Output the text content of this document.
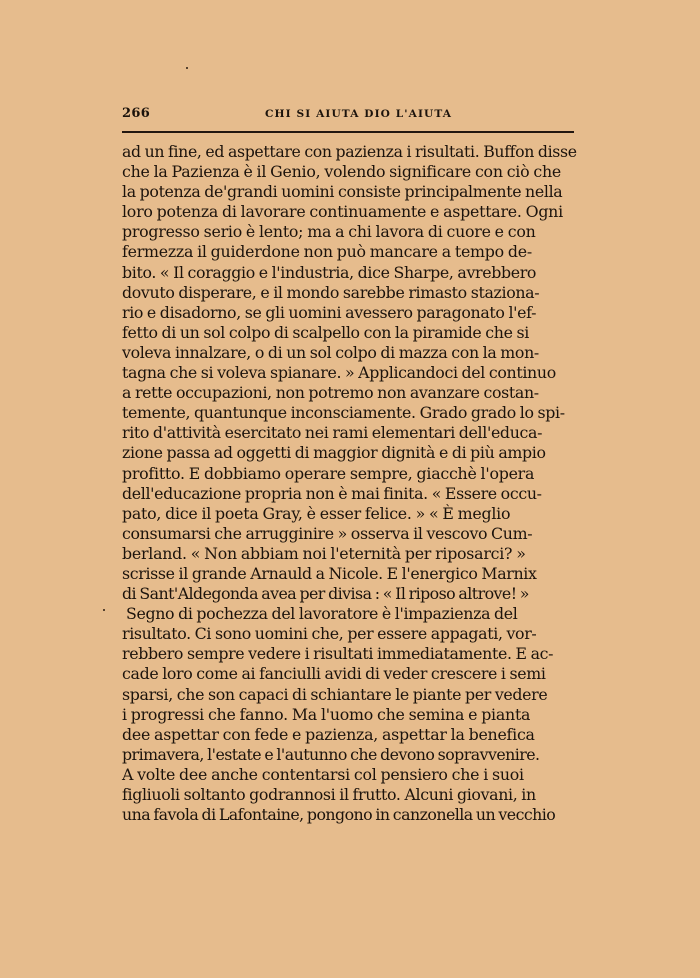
266	CHI SI AIUTA DIO L'AIUTA
ad un fine, ed aspettare con pazienza i risultati. Buffon disse
che la Pazienza è il Genio, volendo significare con ciò che
la potenza de'grandi uomini consiste principalmente nella
loro potenza di lavorare continuamente e aspettare. Ogni
progresso serio è lento; ma a chi lavora di cuore e con
fermezza il guiderdone non può mancare a tempo de-
bito. « Il coraggio e l'industria, dice Sharpe, avrebbero
dovuto disperare, e il mondo sarebbe rimasto staziona-
rio e disadorno, se gli uomini avessero paragonato l'ef-
fetto di un sol colpo di scalpello con la piramide che si
voleva innalzare, o di un sol colpo di mazza con la mon-
tagna che si voleva spianare. » Applicandoci del continuo
a rette occupazioni, non potremo non avanzare costan-
temente, quantunque inconsciamente. Grado grado lo spi-
rito d'attività esercitato nei rami elementari dell'educa-
zione passa ad oggetti di maggior dignità e di più ampio
profitto. E dobbiamo operare sempre, giacchè l'opera
dell'educazione propria non è mai finita. « Essere occu-
pato, dice il poeta Gray, è esser felice. » « È meglio
consumarsi che arrugginire » osserva il vescovo Cum-
berland. « Non abbiam noi l'eternità per riposarci? »
scrisse il grande Arnauld a Nicole. E l'energico Marnix
di Sant'Aldegonda avea per divisa : « Il riposo altrove! »
Segno di pochezza del lavoratore è l'impazienza del
risultato. Ci sono uomini che, per essere appagati, vor-
rebbero sempre vedere i risultati immediatamente. E ac-
cade loro come ai fanciulli avidi di veder crescere i semi
sparsi, che son capaci di schiantare le piante per vedere
i progressi che fanno. Ma l'uomo che semina e pianta
dee aspettar con fede e pazienza, aspettar la benefica
primavera, l'estate e l'autunno che devono sopravvenire.
A volte dee anche contentarsi col pensiero che i suoi
figliuoli soltanto godrannosi il frutto. Alcuni giovani, in
una favola di Lafontaine, pongono in canzonella un vecchio
